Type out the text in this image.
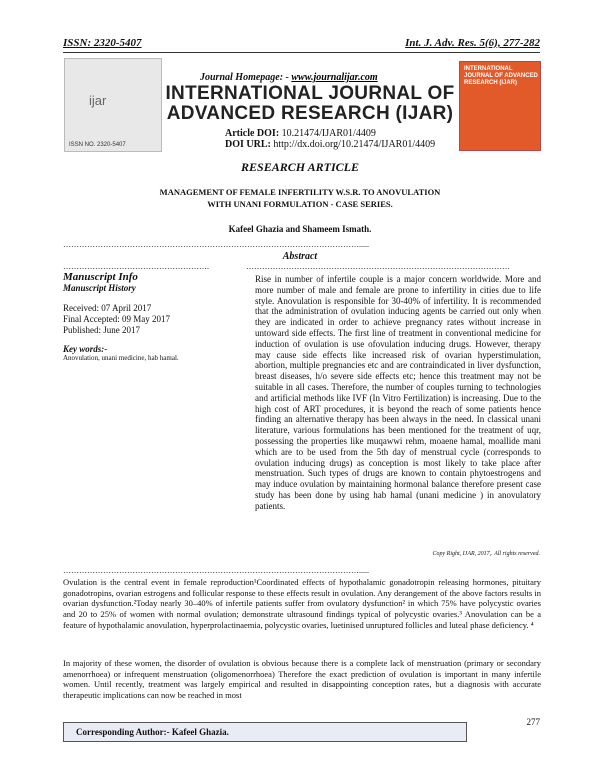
ISSN: 2320-5407	Int. J. Adv. Res. 5(6), 277-282
ijar
ISSN NO. 2320-5407
Journal Homepage: - www.journalijar.com
INTERNATIONAL JOURNAL OF ADVANCED RESEARCH (IJAR)
Article DOI: 10.21474/IJAR01/4409
DOI URL: http://dx.doi.org/10.21474/IJAR01/4409
INTERNATIONAL JOURNAL OF ADVANCED RESEARCH (IJAR)
RESEARCH ARTICLE
MANAGEMENT OF FEMALE INFERTILITY W.S.R. TO ANOVULATION WITH UNANI FORMULATION - CASE SERIES.
Kafeel Ghazia and Shameem Ismath.
………………………………………………………………………………………………….....
Abstract
……………………………………………….	………………………………………………………………………………………
Manuscript Info
Manuscript History
Received: 07 April 2017
Final Accepted: 09 May 2017
Published: June 2017
Key words:-
Anovulation, unani medicine, hab hamal.
Rise in number of infertile couple is a major concern worldwide. More and more number of male and female are prone to infertility in cities due to life style. Anovulation is responsible for 30-40% of infertility. It is recommended that the administration of ovulation inducing agents be carried out only when they are indicated in order to achieve pregnancy rates without increase in untoward side effects. The first line of treatment in conventional medicine for induction of ovulation is use ofovulation inducing drugs. However, therapy may cause side effects like increased risk of ovarian hyperstimulation, abortion, multiple pregnancies etc and are contraindicated in liver dysfunction, breast diseases, h/o severe side effects etc; hence this treatment may not be suitable in all cases. Therefore, the number of couples turning to technologies and artificial methods like IVF (In Vitro Fertilization) is increasing. Due to the high cost of ART procedures, it is beyond the reach of some patients hence finding an alternative therapy has been always in the need. In classical unani literature, various formulations has been mentioned for the treatment of uqr, possessing the properties like muqawwi rehm, moaene hamal, moallide mani which are to be used from the 5th day of menstrual cycle (corresponds to ovulation inducing drugs) as conception is most likely to take place after menstruation. Such types of drugs are known to contain phytoestrogens and may induce ovulation by maintaining hormonal balance therefore present case study has been done by using hab hamal (unani medicine ) in anovulatory patients.
Copy Right, IJAR, 2017,. All rights reserved.
………………………………………………………………………………………………….....
Ovulation is the central event in female reproduction¹Coordinated effects of hypothalamic gonadotropin releasing hormones, pituitary gonadotropins, ovarian estrogens and follicular response to these effects result in ovulation. Any derangement of the above factors results in ovarian dysfunction.²Today nearly 30–40% of infertile patients suffer from ovulatory dysfunction² in which 75% have polycystic ovaries and 20 to 25% of women with normal ovulation; demonstrate ultrasound findings typical of polycystic ovaries.³ Anovulation can be a feature of hypothalamic anovulation, hyperprolactinaemia, polycystic ovaries, luetinised unruptured follicles and luteal phase deficiency. ⁴
In majority of these women, the disorder of ovulation is obvious because there is a complete lack of menstruation (primary or secondary amenorrhoea) or infrequent menstruation (oligomenorrhoea) Therefore the exact prediction of ovulation is important in many infertile women. Until recently, treatment was largely empirical and resulted in disappointing conception rates, but a diagnosis with accurate therapeutic implications can now be reached in most
277
Corresponding Author:- Kafeel Ghazia.
